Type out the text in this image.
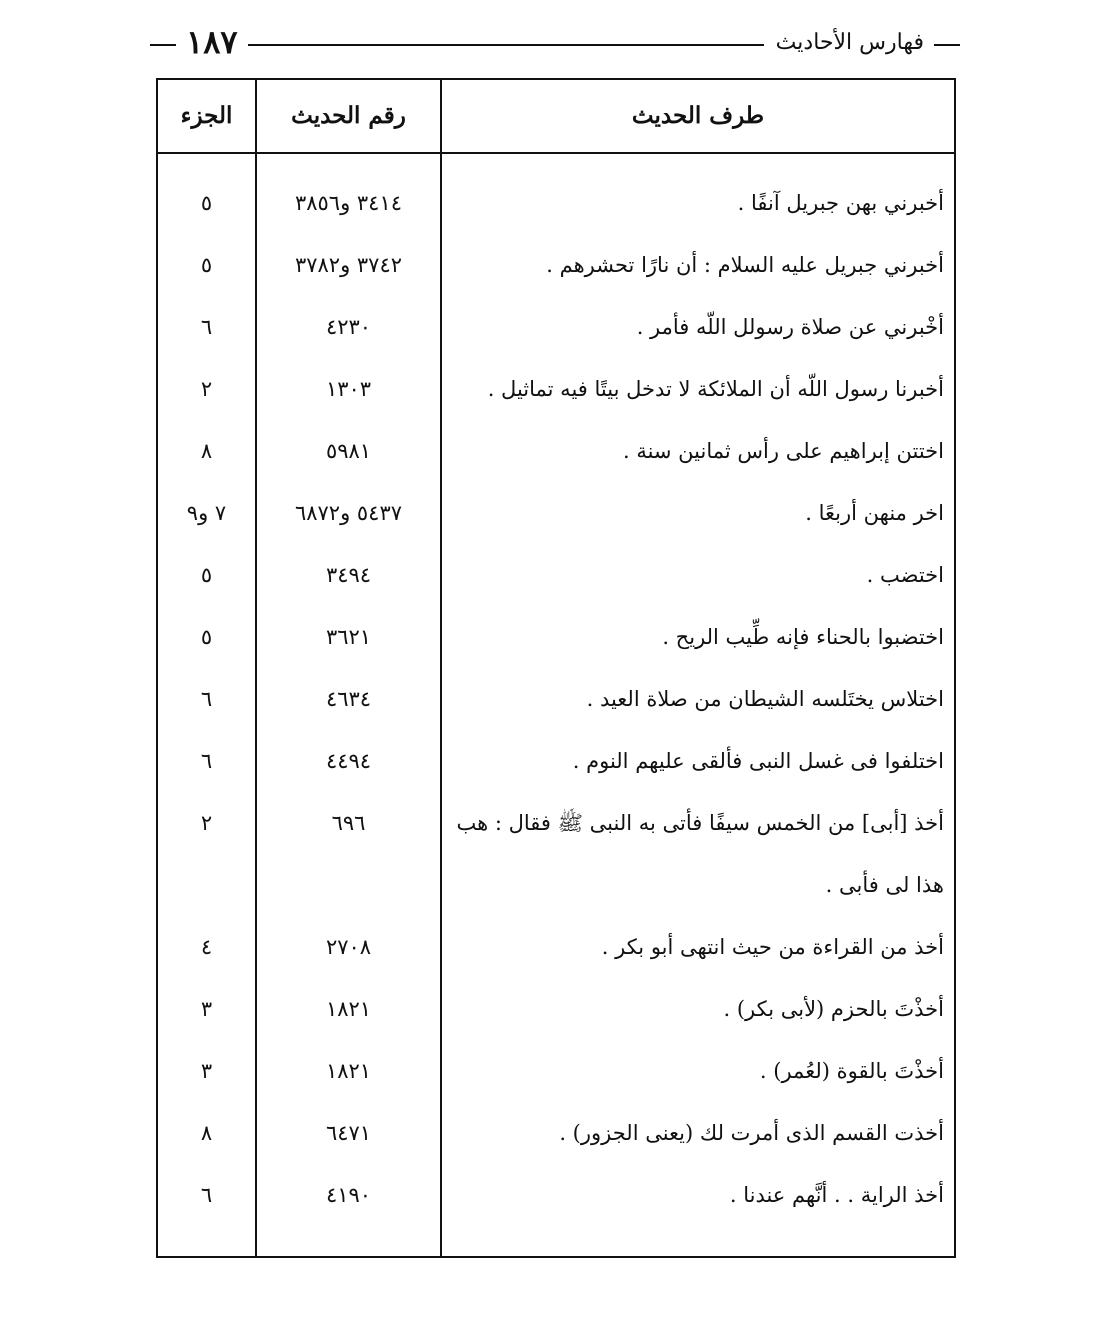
فهارس الأحاديث
١٨٧
طرف الحديث
رقم الحديث
الجزء
أخبرني بهن جبريل آنفًا .
٣٤١٤ و٣٨٥٦
٥
أخبرني جبريل عليه السلام : أن نارًا تحشرهم .
٣٧٤٢ و٣٧٨٢
٥
أخْبرني عن صلاة رسولل اللّه فأمر .
٤٢٣٠
٦
أخبرنا رسول اللّه أن الملائكة لا تدخل بيتًا فيه تماثيل .
١٣٠٣
٢
اختتن إبراهيم على رأس ثمانين سنة .
٥٩٨١
٨
اخر منهن أربعًا .
٥٤٣٧ و٦٨٧٢
٧ و٩
اختضب .
٣٤٩٤
٥
اختضبوا بالحناء فإنه طِّيب الريح .
٣٦٢١
٥
اختلاس يختَلسه الشيطان من صلاة العيد .
٤٦٣٤
٦
اختلفوا فى غسل النبى فألقى عليهم النوم .
٤٤٩٤
٦
أخذ [أبى] من الخمس سيفًا فأتى به النبى ﷺ فقال : هب هذا لى فأبى .
٦٩٦
٢
أخذ من القراءة من حيث انتهى أبو بكر .
٢٧٠٨
٤
أخذْتَ بالحزم (لأبى بكر) .
١٨٢١
٣
أخذْتَ بالقوة (لعُمر) .
١٨٢١
٣
أخذت القسم الذى أمرت لك (يعنى الجزور) .
٦٤٧١
٨
أخذ الراية . . أنَّهم عندنا .
٤١٩٠
٦
